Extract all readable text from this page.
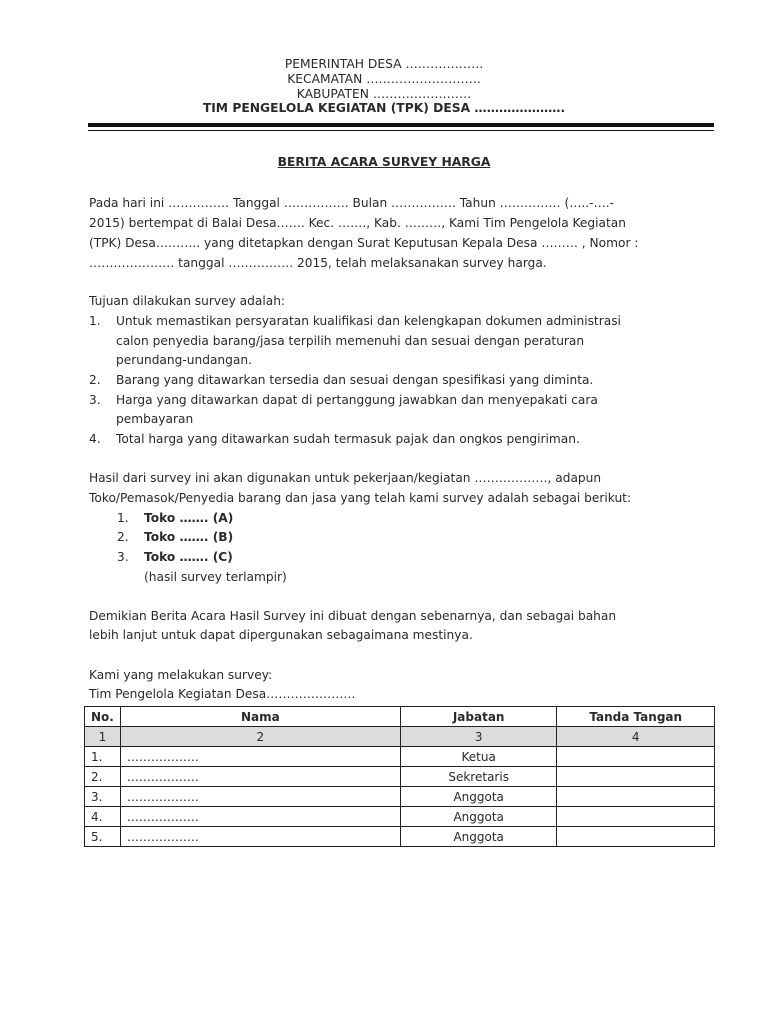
PEMERINTAH DESA ……………….
KECAMATAN ……………………….
KABUPATEN ……………………
TIM PENGELOLA KEGIATAN (TPK) DESA ………………….
BERITA ACARA SURVEY HARGA
Pada hari ini …………… Tanggal ……………. Bulan ……………. Tahun …………… (…..-….-
2015) bertempat di Balai Desa……. Kec. ……., Kab. ………, Kami Tim Pengelola Kegiatan
(TPK) Desa……….. yang ditetapkan dengan Surat Keputusan Kepala Desa ……… , Nomor :
………………… tanggal ……………. 2015, telah melaksanakan survey harga.
Tujuan dilakukan survey adalah:
1. Untuk memastikan persyaratan kualifikasi dan kelengkapan dokumen administrasi
calon penyedia barang/jasa terpilih memenuhi dan sesuai dengan peraturan
perundang-undangan.
2. Barang yang ditawarkan tersedia dan sesuai dengan spesifikasi yang diminta.
3. Harga yang ditawarkan dapat di pertanggung jawabkan dan menyepakati cara
pembayaran
4. Total harga yang ditawarkan sudah termasuk pajak dan ongkos pengiriman.
Hasil dari survey ini akan digunakan untuk pekerjaan/kegiatan ………………, adapun
Toko/Pemasok/Penyedia barang dan jasa yang telah kami survey adalah sebagai berikut:
1. Toko ……. (A)
2. Toko ……. (B)
3. Toko ……. (C)
(hasil survey terlampir)
Demikian Berita Acara Hasil Survey ini dibuat dengan sebenarnya, dan sebagai bahan
lebih lanjut untuk dapat dipergunakan sebagaimana mestinya.
Kami yang melakukan survey:
Tim Pengelola Kegiatan Desa………………….
No.	Nama	Jabatan	Tanda Tangan
1	2	3	4
1.	………………	Ketua	
2.	………………	Sekretaris	
3.	………………	Anggota	
4.	………………	Anggota	
5.	………………	Anggota	
